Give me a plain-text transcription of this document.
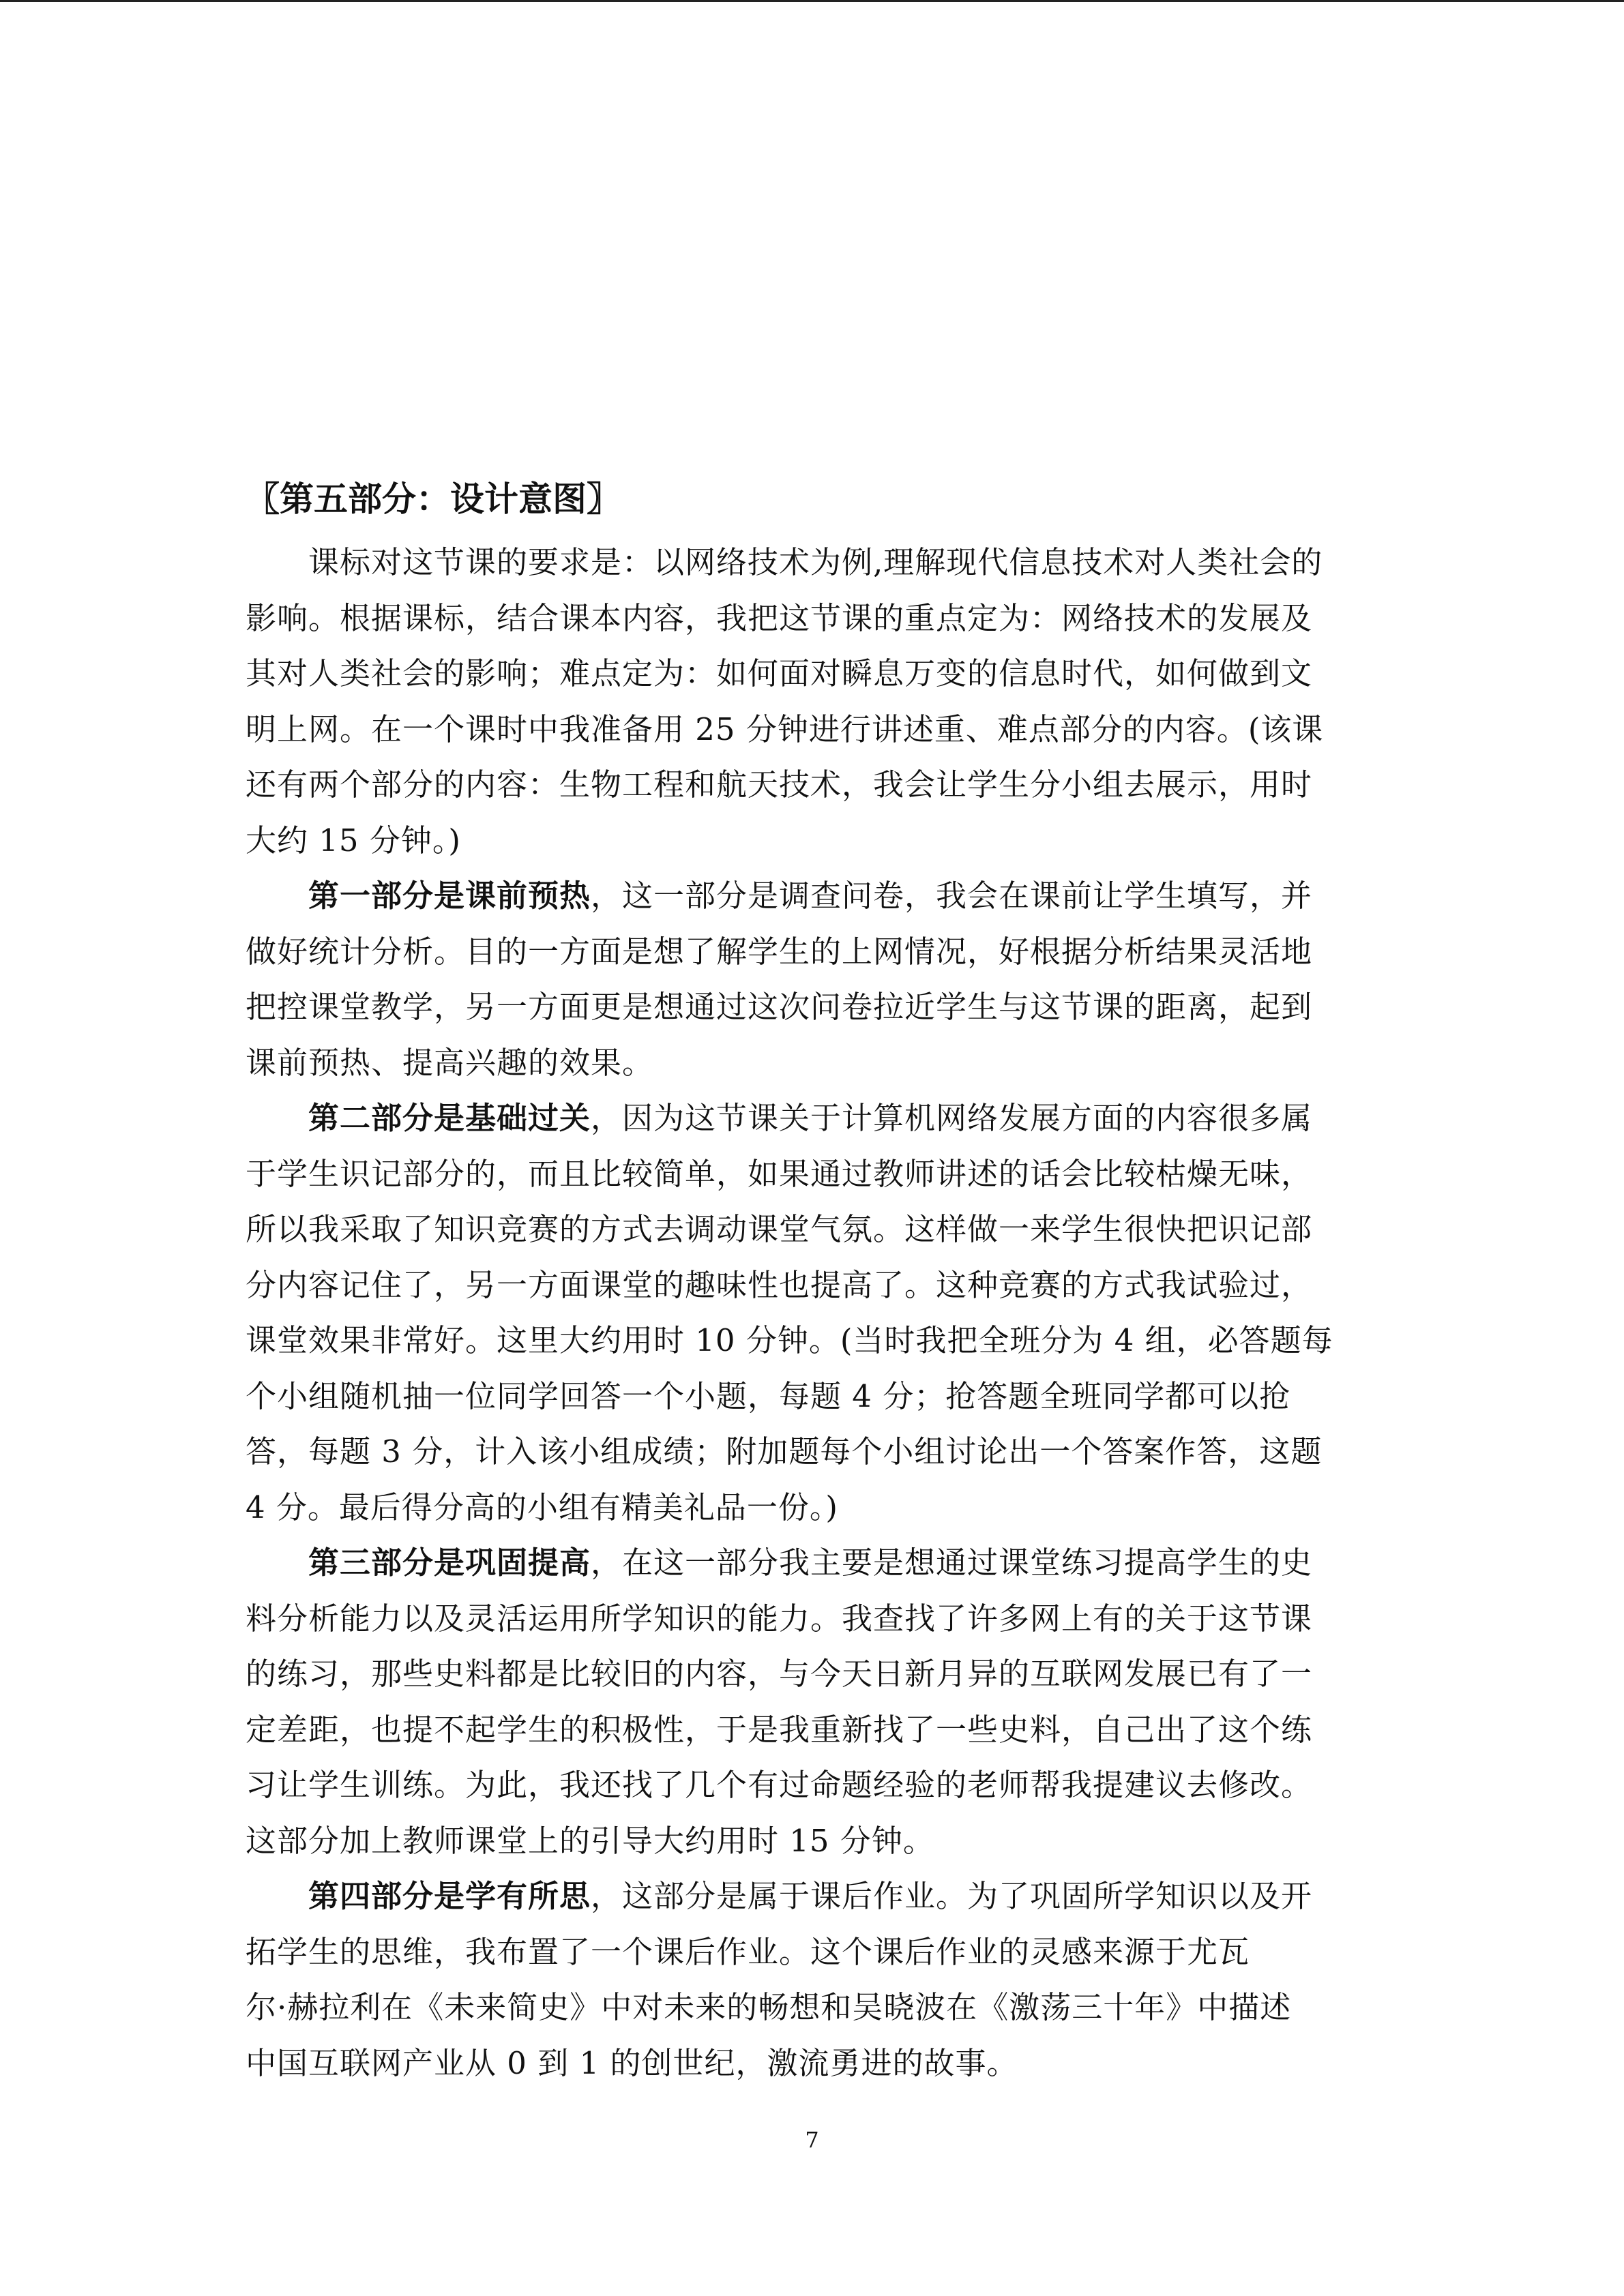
〖第五部分：设计意图〗

课标对这节课的要求是：以网络技术为例,理解现代信息技术对人类社会的

影响。根据课标，结合课本内容，我把这节课的重点定为：网络技术的发展及
其对人类社会的影响；难点定为：如何面对瞬息万变的信息时代，如何做到文
明上网。在一个课时中我准备用 25 分钟进行讲述重、难点部分的内容。(该课
还有两个部分的内容：生物工程和航天技术，我会让学生分小组去展示，用时
大约 15 分钟。)

第一部分是课前预热，这一部分是调查问卷，我会在课前让学生填写，并

做好统计分析。目的一方面是想了解学生的上网情况，好根据分析结果灵活地
把控课堂教学，另一方面更是想通过这次问卷拉近学生与这节课的距离，起到
课前预热、提高兴趣的效果。

第二部分是基础过关，因为这节课关于计算机网络发展方面的内容很多属

于学生识记部分的，而且比较简单，如果通过教师讲述的话会比较枯燥无味，
所以我采取了知识竞赛的方式去调动课堂气氛。这样做一来学生很快把识记部
分内容记住了，另一方面课堂的趣味性也提高了。这种竞赛的方式我试验过，
课堂效果非常好。这里大约用时 10 分钟。(当时我把全班分为 4 组，必答题每
个小组随机抽一位同学回答一个小题，每题 4 分；抢答题全班同学都可以抢
答，每题 3 分，计入该小组成绩；附加题每个小组讨论出一个答案作答，这题
4 分。最后得分高的小组有精美礼品一份。)

第三部分是巩固提高，在这一部分我主要是想通过课堂练习提高学生的史

料分析能力以及灵活运用所学知识的能力。我查找了许多网上有的关于这节课
的练习，那些史料都是比较旧的内容，与今天日新月异的互联网发展已有了一
定差距，也提不起学生的积极性，于是我重新找了一些史料，自己出了这个练
习让学生训练。为此，我还找了几个有过命题经验的老师帮我提建议去修改。
这部分加上教师课堂上的引导大约用时 15 分钟。

第四部分是学有所思，这部分是属于课后作业。为了巩固所学知识以及开

拓学生的思维，我布置了一个课后作业。这个课后作业的灵感来源于尤瓦
尔·赫拉利在《未来简史》中对未来的畅想和吴晓波在《激荡三十年》中描述
中国互联网产业从 0 到 1 的创世纪，激流勇进的故事。

7
